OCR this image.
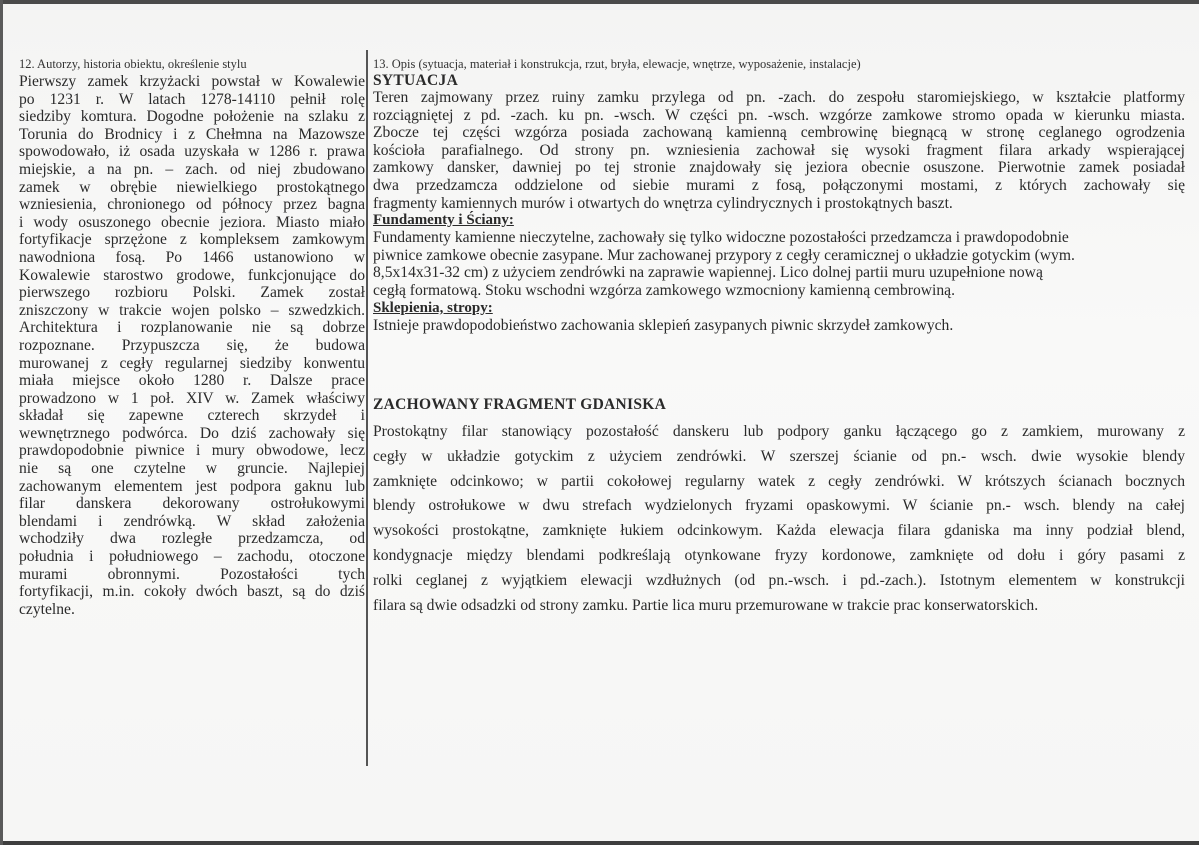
12. Autorzy, historia obiektu, określenie stylu
Pierwszy zamek krzyżacki powstał w Kowalewie
po 1231 r. W latach 1278-14110 pełnił rolę
siedziby komtura. Dogodne położenie na szlaku z
Torunia do Brodnicy i z Chełmna na Mazowsze
spowodowało, iż osada uzyskała w 1286 r. prawa
miejskie, a na pn. – zach. od niej zbudowano
zamek w obrębie niewielkiego prostokątnego
wzniesienia, chronionego od północy przez bagna
i wody osuszonego obecnie jeziora. Miasto miało
fortyfikacje sprzężone z kompleksem zamkowym
nawodniona fosą. Po 1466 ustanowiono w
Kowalewie starostwo grodowe, funkcjonujące do
pierwszego rozbioru Polski. Zamek został
zniszczony w trakcie wojen polsko – szwedzkich.
Architektura i rozplanowanie nie są dobrze
rozpoznane. Przypuszcza się, że budowa
murowanej z cegły regularnej siedziby konwentu
miała miejsce około 1280 r. Dalsze prace
prowadzono w 1 poł. XIV w. Zamek właściwy
składał się zapewne czterech skrzydeł i
wewnętrznego podwórca. Do dziś zachowały się
prawdopodobnie piwnice i mury obwodowe, lecz
nie są one czytelne w gruncie. Najlepiej
zachowanym elementem jest podpora gaknu lub
filar danskera dekorowany ostrołukowymi
blendami i zendrówką. W skład założenia
wchodziły dwa rozległe przedzamcza, od
południa i południowego – zachodu, otoczone
murami obronnymi. Pozostałości tych
fortyfikacji, m.in. cokoły dwóch baszt, są do dziś
czytelne.
13. Opis (sytuacja, materiał i konstrukcja, rzut, bryła, elewacje, wnętrze, wyposażenie, instalacje)
SYTUACJA
Teren zajmowany przez ruiny zamku przylega od pn. -zach. do zespołu staromiejskiego, w kształcie platformy
rozciągniętej z pd. -zach. ku pn. -wsch. W części pn. -wsch. wzgórze zamkowe stromo opada w kierunku miasta.
Zbocze tej części wzgórza posiada zachowaną kamienną cembrowinę biegnącą w stronę ceglanego ogrodzenia
kościoła parafialnego. Od strony pn. wzniesienia zachował się wysoki fragment filara arkady wspierającej
zamkowy dansker, dawniej po tej stronie znajdowały się jeziora obecnie osuszone. Pierwotnie zamek posiadał
dwa przedzamcza oddzielone od siebie murami z fosą, połączonymi mostami, z których zachowały się
fragmenty kamiennych murów i otwartych do wnętrza cylindrycznych i prostokątnych baszt.
Fundamenty i Ściany:
Fundamenty kamienne nieczytelne, zachowały się tylko widoczne pozostałości przedzamcza i prawdopodobnie
piwnice zamkowe obecnie zasypane. Mur zachowanej przypory z cegły ceramicznej o układzie gotyckim (wym.
8,5x14x31-32 cm) z użyciem zendrówki na zaprawie wapiennej. Lico dolnej partii muru uzupełnione nową
cegłą formatową. Stoku wschodni wzgórza zamkowego wzmocniony kamienną cembrowiną.
Sklepienia, stropy:
Istnieje prawdopodobieństwo zachowania sklepień zasypanych piwnic skrzydeł zamkowych.
ZACHOWANY FRAGMENT GDANISKA
Prostokątny filar stanowiący pozostałość danskeru lub podpory ganku łączącego go z zamkiem, murowany z
cegły w układzie gotyckim z użyciem zendrówki. W szerszej ścianie od pn.- wsch. dwie wysokie blendy
zamknięte odcinkowo; w partii cokołowej regularny watek z cegły zendrówki. W krótszych ścianach bocznych
blendy ostrołukowe w dwu strefach wydzielonych fryzami opaskowymi. W ścianie pn.- wsch. blendy na całej
wysokości prostokątne, zamknięte łukiem odcinkowym. Każda elewacja filara gdaniska ma inny podział blend,
kondygnacje między blendami podkreślają otynkowane fryzy kordonowe, zamknięte od dołu i góry pasami z
rolki ceglanej z wyjątkiem elewacji wzdłużnych (od pn.-wsch. i pd.-zach.). Istotnym elementem w konstrukcji
filara są dwie odsadzki od strony zamku. Partie lica muru przemurowane w trakcie prac konserwatorskich.
